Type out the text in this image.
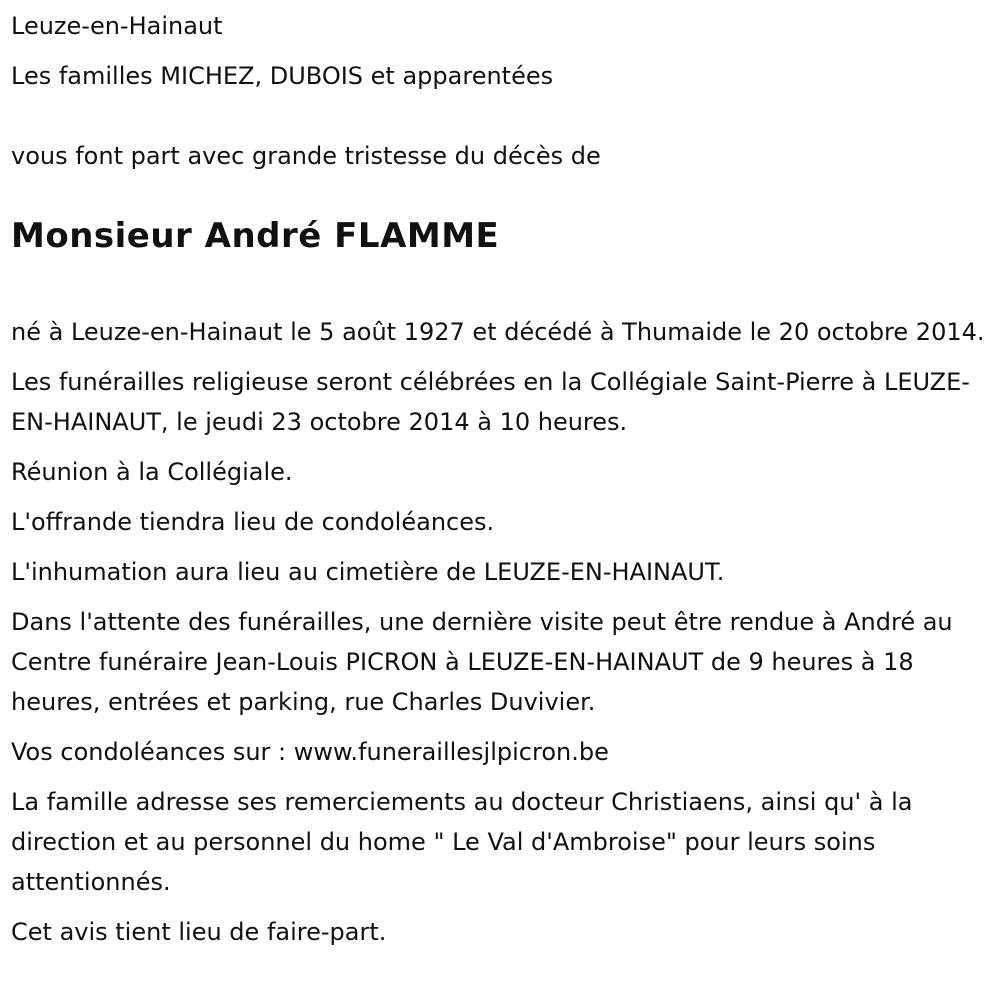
Leuze-en-Hainaut

Les familles MICHEZ, DUBOIS et apparentées

vous font part avec grande tristesse du décès de

Monsieur André FLAMME

né à Leuze-en-Hainaut le 5 août 1927 et décédé à Thumaide le 20 octobre 2014.

Les funérailles religieuse seront célébrées en la Collégiale Saint-Pierre à LEUZE-EN-HAINAUT, le jeudi 23 octobre 2014 à 10 heures.

Réunion à la Collégiale.

L'offrande tiendra lieu de condoléances.

L'inhumation aura lieu au cimetière de LEUZE-EN-HAINAUT.

Dans l'attente des funérailles, une dernière visite peut être rendue à André au Centre funéraire Jean-Louis PICRON à LEUZE-EN-HAINAUT de 9 heures à 18 heures, entrées et parking, rue Charles Duvivier.

Vos condoléances sur : www.funeraillesjlpicron.be

La famille adresse ses remerciements au docteur Christiaens, ainsi qu' à la direction et au personnel du home " Le Val d'Ambroise" pour leurs soins attentionnés.

Cet avis tient lieu de faire-part.
